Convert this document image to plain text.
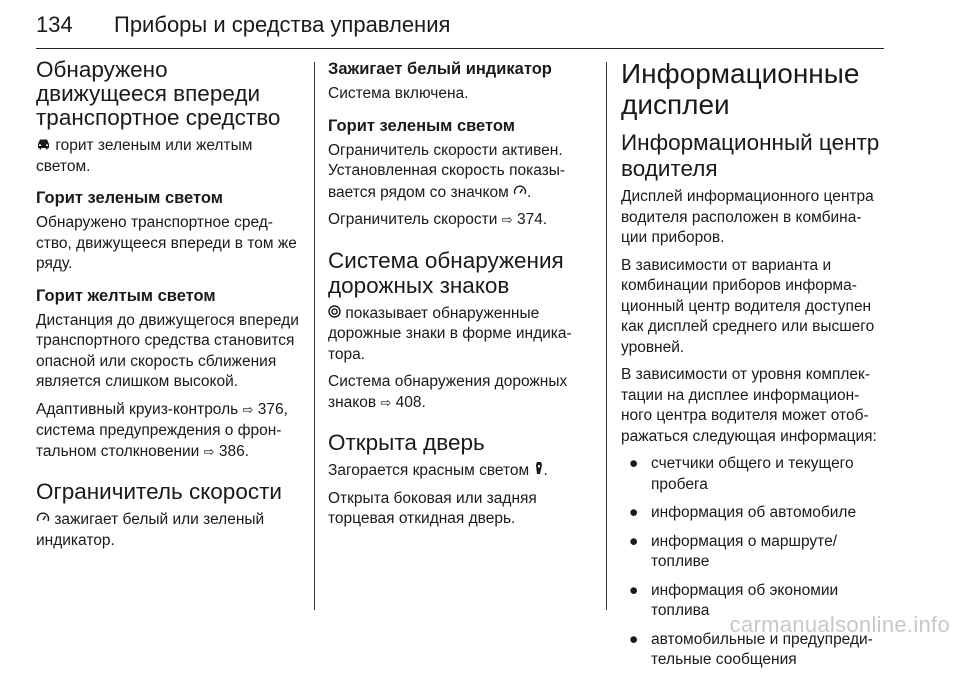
134	Приборы и средства управления
Обнаружено движущееся впереди транспортное средство

горит зеленым или желтым светом.

Горит зеленым светом

Обнаружено транспортное сред‐ство, движущееся впереди в том же ряду.

Горит желтым светом

Дистанция до движущегося впереди транспортного средства становится опасной или скорость сближения является слишком высокой.

Адаптивный круиз-контроль ⇨ 376, система предупреждения о фрон‐тальном столкновении ⇨ 386.

Ограничитель скорости

зажигает белый или зеленый индикатор.

Зажигает белый индикатор

Система включена.

Горит зеленым светом

Ограничитель скорости активен. Установленная скорость показы‐вается рядом со значком .

Ограничитель скорости ⇨ 374.

Система обнаружения дорожных знаков

показывает обнаруженные дорожные знаки в форме индика‐тора.

Система обнаружения дорожных знаков ⇨ 408.

Открыта дверь

Загорается красным светом .

Открыта боковая или задняя торцевая откидная дверь.

Информационные дисплеи
Информационный центр водителя

Дисплей информационного центра водителя расположен в комбина‐ции приборов.

В зависимости от варианта и комбинации приборов информа‐ционный центр водителя доступен как дисплей среднего или высшего уровней.

В зависимости от уровня комплек‐тации на дисплее информацион‐ного центра водителя может отоб‐ражаться следующая информация:

● счетчики общего и текущего пробега
● информация об автомобиле
● информация о маршруте/ топливе
● информация об экономии топлива
● автомобильные и предупреди‐тельные сообщения
carmanualsonline.info
